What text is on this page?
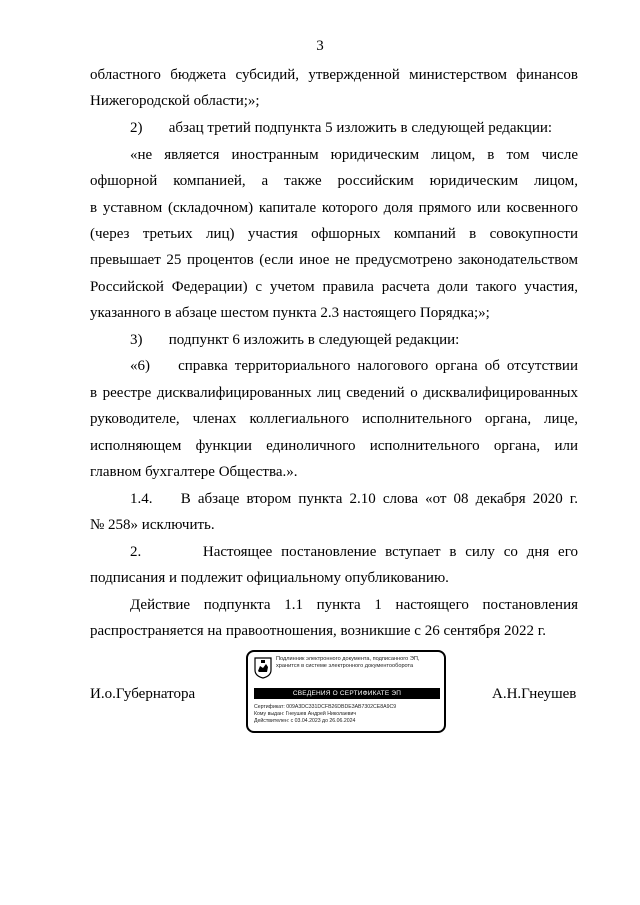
3
областного бюджета субсидий, утвержденной министерством финансов
Нижегородской области;»;
2)       абзац третий подпункта 5 изложить в следующей редакции:
«не является иностранным юридическим лицом, в том числе
офшорной компанией, а также российским юридическим лицом,
в уставном (складочном) капитале которого доля прямого или косвенного
(через третьих лиц) участия офшорных компаний в совокупности
превышает 25 процентов (если иное не предусмотрено законодательством
Российской Федерации) с учетом правила расчета доли такого участия,
указанного в абзаце шестом пункта 2.3 настоящего Порядка;»;
3)       подпункт 6 изложить в следующей редакции:
«6)    справка территориального налогового органа об отсутствии
в реестре дисквалифицированных лиц сведений о дисквалифицированных
руководителе, членах коллегиального исполнительного органа, лице,
исполняющем функции единоличного исполнительного органа, или
главном бухгалтере Общества.».
1.4.    В абзаце втором пункта 2.10 слова «от 08 декабря 2020 г.
№ 258» исключить.
2.       Настоящее постановление вступает в силу со дня его
подписания и подлежит официальному опубликованию.
Действие подпункта 1.1 пункта 1 настоящего постановления
распространяется на правоотношения, возникшие с 26 сентября 2022 г.
И.о.Губернатора	А.Н.Гнеушев
Подлинник электронного документа, подписанного ЭП,
хранится в системе электронного документооборота
СВЕДЕНИЯ О СЕРТИФИКАТЕ ЭП
Сертификат: 009A3DC331DCFB26DBDE3AB7302CE8A9C9
Кому выдан: Гнеушев Андрей Николаевич
Действителен: с 03.04.2023 до 26.06.2024
